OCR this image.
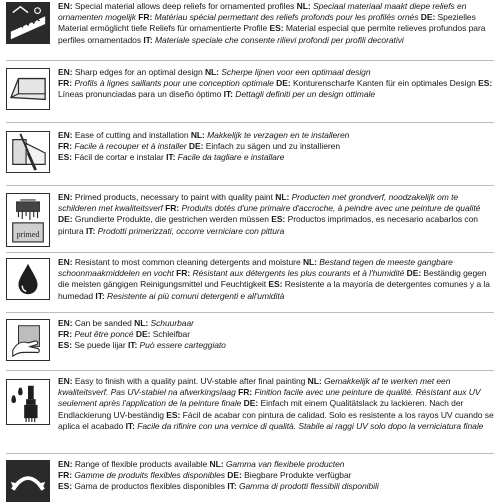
EN: Special material allows deep reliefs for ornamented profiles NL: Speciaal materiaal maakt diepe reliefs en ornamenten mogelijk FR: Matériau spécial permettant des reliefs profonds pour les profilés ornés DE: Spezielles Material ermöglicht tiefe Reliefs für ornamentierte Profile ES: Material especial que permite relieves profundos para perfiles ornamentados IT: Materiale speciale che consente rilievi profondi per profili decorativi

EN: Sharp edges for an optimal design NL: Scherpe lijnen voor een optimaal design

FR: Profils à lignes saillants pour une conception optimale DE: Konturenscharfe Kanten für ein optimales Design ES: Líneas pronunciadas para un diseño óptimo IT: Dettagli definiti per un design ottimale

EN: Ease of cutting and installation NL: Makkelijk te verzagen en te installeren

FR: Facile à recouper et à installer DE: Einfach zu sägen und zu installieren

ES: Fácil de cortar e instalar IT: Facile da tagliare e installare

primed

EN: Primed products, necessary to paint with quality paint NL: Producten met grondverf, noodzakelijk om te schilderen met kwaliteitsverf FR: Produits dotés d'une primaire d'accroche, à peindre avec une peinture de qualité DE: Grundierte Produkte, die gestrichen werden müssen ES: Productos imprimados, es necesario acabarlos con pintura IT: Prodotti primerizzati, occorre verniciare con pittura

EN: Resistant to most common cleaning detergents and moisture NL: Bestand tegen de meeste gangbare schoonmaakmiddelen en vocht FR: Résistant aux détergents les plus courants et à l'humidité DE: Beständig gegen die meisten gängigen Reinigungsmittel und Feuchtigkeit ES: Resistente a la mayoría de detergentes comunes y a la humedad IT: Resistente ai più comuni detergenti e all'umidità

EN: Can be sanded NL: Schuurbaar

FR: Peut être poncé DE: Schleifbar

ES: Se puede lijar IT: Può essere carteggiato

EN: Easy to finish with a quality paint. UV-stable after final painting NL: Gemakkelijk af te werken met een kwaliteitsverf. Pas UV-stabiel na afwerkingslaag FR: Finition facile avec une peinture de qualité. Résistant aux UV seulement après l'application de la peinture finale DE: Einfach mit einem Qualitätslack zu lackieren. Nach der Endlackierung UV-beständig ES: Fácil de acabar con pintura de calidad. Solo es resistente a los rayos UV cuando se aplica el acabado IT: Facile da rifinire con una vernice di qualità. Stabile ai raggi UV solo dopo la verniciatura finale

EN: Range of flexible products available NL: Gamma van flexibele producten

FR: Gamme de produits flexibles disponibles DE: Biegbare Produkte verfügbar

ES: Gama de productos flexibles disponibles IT: Gamma di prodotti flessibili disponibili
